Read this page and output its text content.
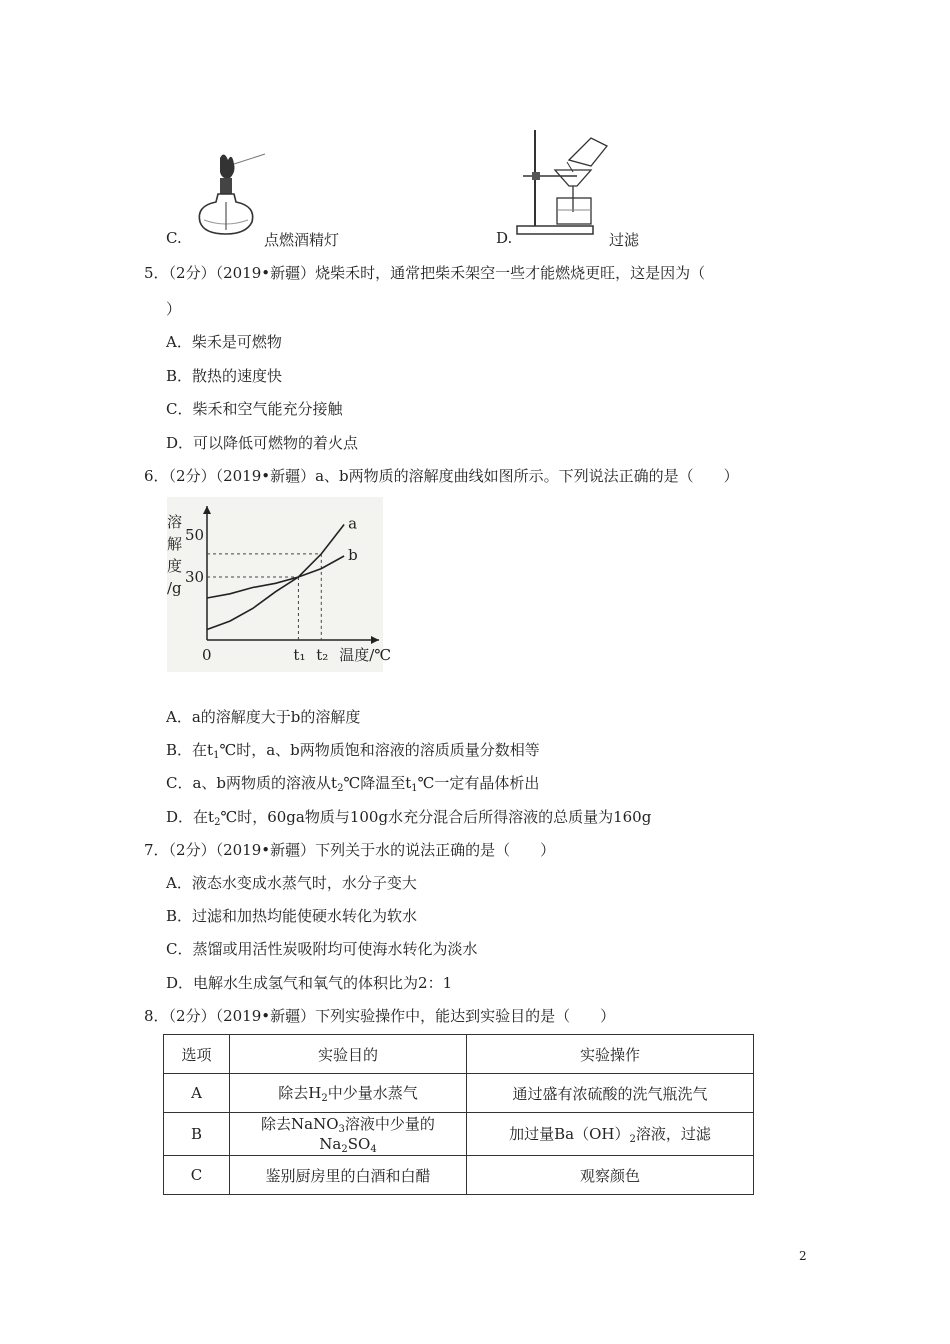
C.	点燃酒精灯	D.	过滤
5．（2分）（2019•新疆）烧柴禾时，通常把柴禾架空一些才能燃烧更旺，这是因为（
）
A．柴禾是可燃物
B．散热的速度快
C．柴禾和空气能充分接触
D．可以降低可燃物的着火点
6．（2分）（2019•新疆）a、b两物质的溶解度曲线如图所示。下列说法正确的是（　　）
溶
解
度
/g
50
30
a
b
0	t₁ t₂ 温度/℃
A．a的溶解度大于b的溶解度
B．在$t_1℃$时，a、b两物质饱和溶液的溶质质量分数相等
C．a、b两物质的溶液从$t_2℃$降温至$t_1℃$一定有晶体析出
D．在$t_2℃$时，60ga物质与100g水充分混合后所得溶液的总质量为160g
7．（2分）（2019•新疆）下列关于水的说法正确的是（　　）
A．液态水变成水蒸气时，水分子变大
B．过滤和加热均能使硬水转化为软水
C．蒸馏或用活性炭吸附均可使海水转化为淡水
D．电解水生成氢气和氧气的体积比为2：1
8．（2分）（2019•新疆）下列实验操作中，能达到实验目的是（　　）
选项	实验目的	实验操作
A	除去$H_2$中少量水蒸气	通过盛有浓硫酸的洗气瓶洗气
B	除去NaNO$_3$溶液中少量的$Na_2SO_4$	加过量$Ba(OH)_2$溶液，过滤
C	鉴别厨房里的白酒和白醋	观察颜色
2
